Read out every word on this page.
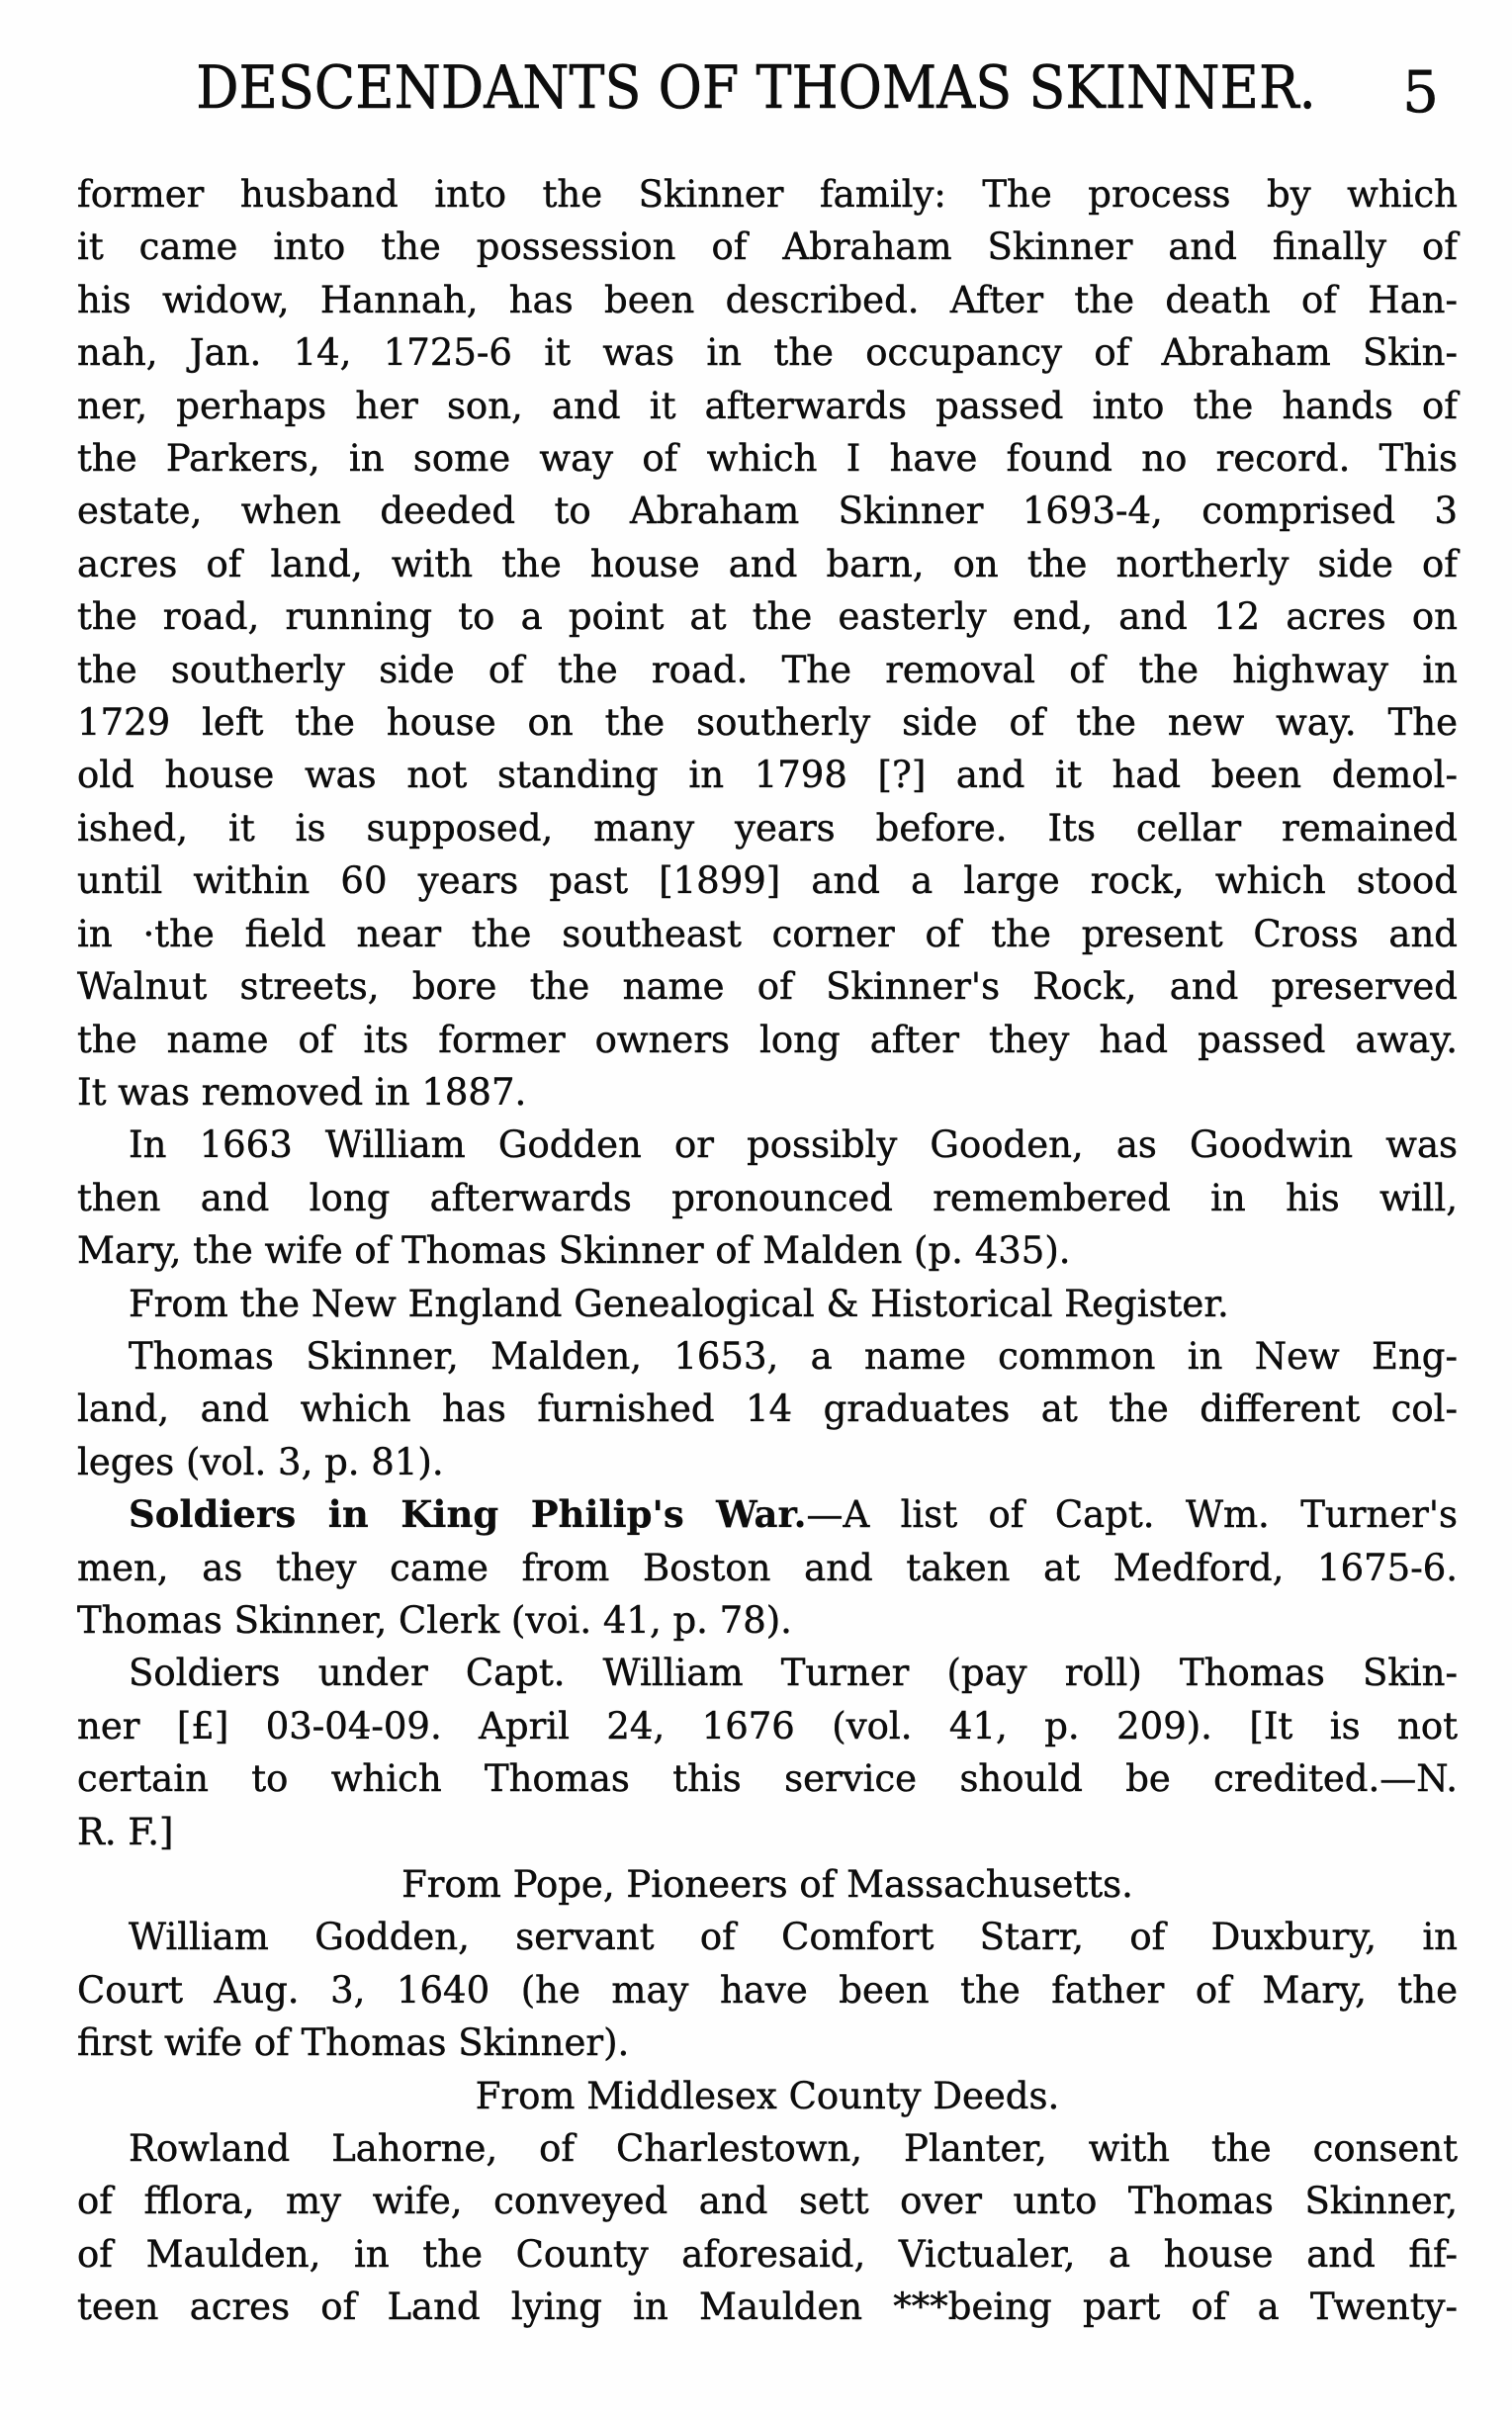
DESCENDANTS OF THOMAS SKINNER.	5
former husband into the Skinner family: The process by which
it came into the possession of Abraham Skinner and finally of
his widow, Hannah, has been described. After the death of Han-
nah, Jan. 14, 1725-6 it was in the occupancy of Abraham Skin-
ner, perhaps her son, and it afterwards passed into the hands of
the Parkers, in some way of which I have found no record. This
estate, when deeded to Abraham Skinner 1693-4, comprised 3
acres of land, with the house and barn, on the northerly side of
the road, running to a point at the easterly end, and 12 acres on
the southerly side of the road. The removal of the highway in
1729 left the house on the southerly side of the new way. The
old house was not standing in 1798 [?] and it had been demol-
ished, it is supposed, many years before. Its cellar remained
until within 60 years past [1899] and a large rock, which stood
in ·the field near the southeast corner of the present Cross and
Walnut streets, bore the name of Skinner's Rock, and preserved
the name of its former owners long after they had passed away.
It was removed in 1887.
In 1663 William Godden or possibly Gooden, as Goodwin was
then and long afterwards pronounced remembered in his will,
Mary, the wife of Thomas Skinner of Malden (p. 435).
From the New England Genealogical & Historical Register.
Thomas Skinner, Malden, 1653, a name common in New Eng-
land, and which has furnished 14 graduates at the different col-
leges (vol. 3, p. 81).
Soldiers in King Philip's War.—A list of Capt. Wm. Turner's
men, as they came from Boston and taken at Medford, 1675-6.
Thomas Skinner, Clerk (voi. 41, p. 78).
Soldiers under Capt. William Turner (pay roll) Thomas Skin-
ner [£] 03-04-09. April 24, 1676 (vol. 41, p. 209). [It is not
certain to which Thomas this service should be credited.—N.
R. F.]
From Pope, Pioneers of Massachusetts.
William Godden, servant of Comfort Starr, of Duxbury, in
Court Aug. 3, 1640 (he may have been the father of Mary, the
first wife of Thomas Skinner).
From Middlesex County Deeds.
Rowland Lahorne, of Charlestown, Planter, with the consent
of fflora, my wife, conveyed and sett over unto Thomas Skinner,
of Maulden, in the County aforesaid, Victualer, a house and fif-
teen acres of Land lying in Maulden ***being part of a Twenty-
